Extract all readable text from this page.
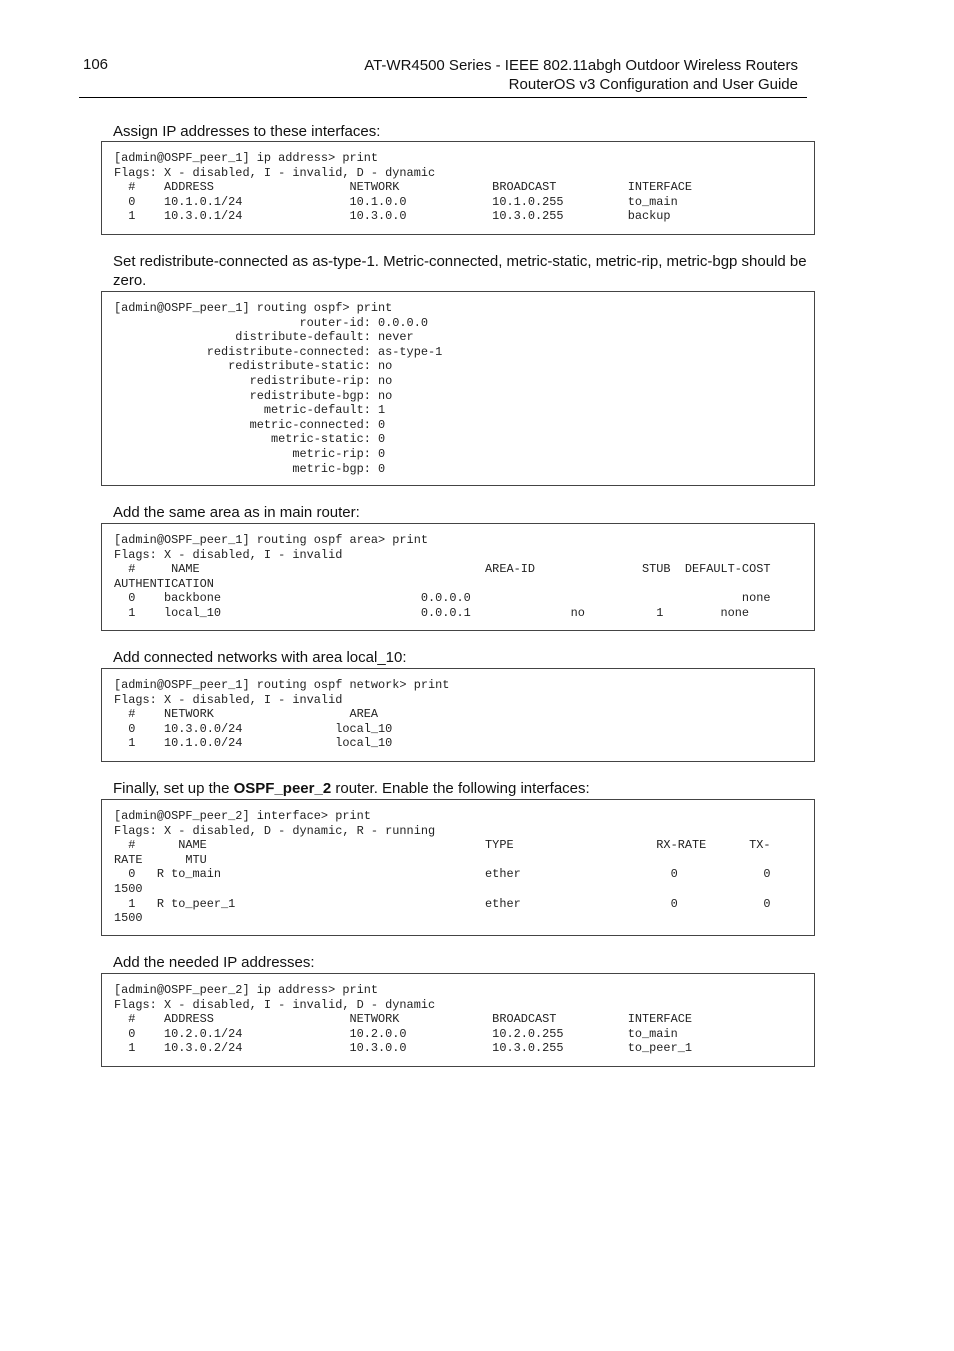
106	AT-WR4500 Series - IEEE 802.11abgh Outdoor Wireless Routers
RouterOS v3 Configuration and User Guide
Assign IP addresses to these interfaces:
[admin@OSPF_peer_1] ip address> print
Flags: X - disabled, I - invalid, D - dynamic
#    ADDRESS                   NETWORK             BROADCAST          INTERFACE
0    10.1.0.1/24               10.1.0.0            10.1.0.255         to_main
1    10.3.0.1/24               10.3.0.0            10.3.0.255         backup
Set redistribute-connected as as-type-1. Metric-connected, metric-static, metric-rip, metric-bgp should be zero.
[admin@OSPF_peer_1] routing ospf> print
router-id: 0.0.0.0
distribute-default: never
redistribute-connected: as-type-1
redistribute-static: no
redistribute-rip: no
redistribute-bgp: no
metric-default: 1
metric-connected: 0
metric-static: 0
metric-rip: 0
metric-bgp: 0
Add the same area as in main router:
[admin@OSPF_peer_1] routing ospf area> print
Flags: X - disabled, I - invalid
#     NAME                                        AREA-ID               STUB  DEFAULT-COST
AUTHENTICATION
0    backbone                            0.0.0.0                                      none
1    local_10                            0.0.0.1              no          1        none
Add connected networks with area local_10:
[admin@OSPF_peer_1] routing ospf network> print
Flags: X - disabled, I - invalid
#    NETWORK                   AREA
0    10.3.0.0/24             local_10
1    10.1.0.0/24             local_10
Finally, set up the OSPF_peer_2 router. Enable the following interfaces:
[admin@OSPF_peer_2] interface> print
Flags: X - disabled, D - dynamic, R - running
#      NAME                                       TYPE                    RX-RATE      TX-
RATE      MTU
0   R to_main                                     ether                     0            0
1500
1   R to_peer_1                                   ether                     0            0
1500
Add the needed IP addresses:
[admin@OSPF_peer_2] ip address> print
Flags: X - disabled, I - invalid, D - dynamic
#    ADDRESS                   NETWORK             BROADCAST          INTERFACE
0    10.2.0.1/24               10.2.0.0            10.2.0.255         to_main
1    10.3.0.2/24               10.3.0.0            10.3.0.255         to_peer_1
